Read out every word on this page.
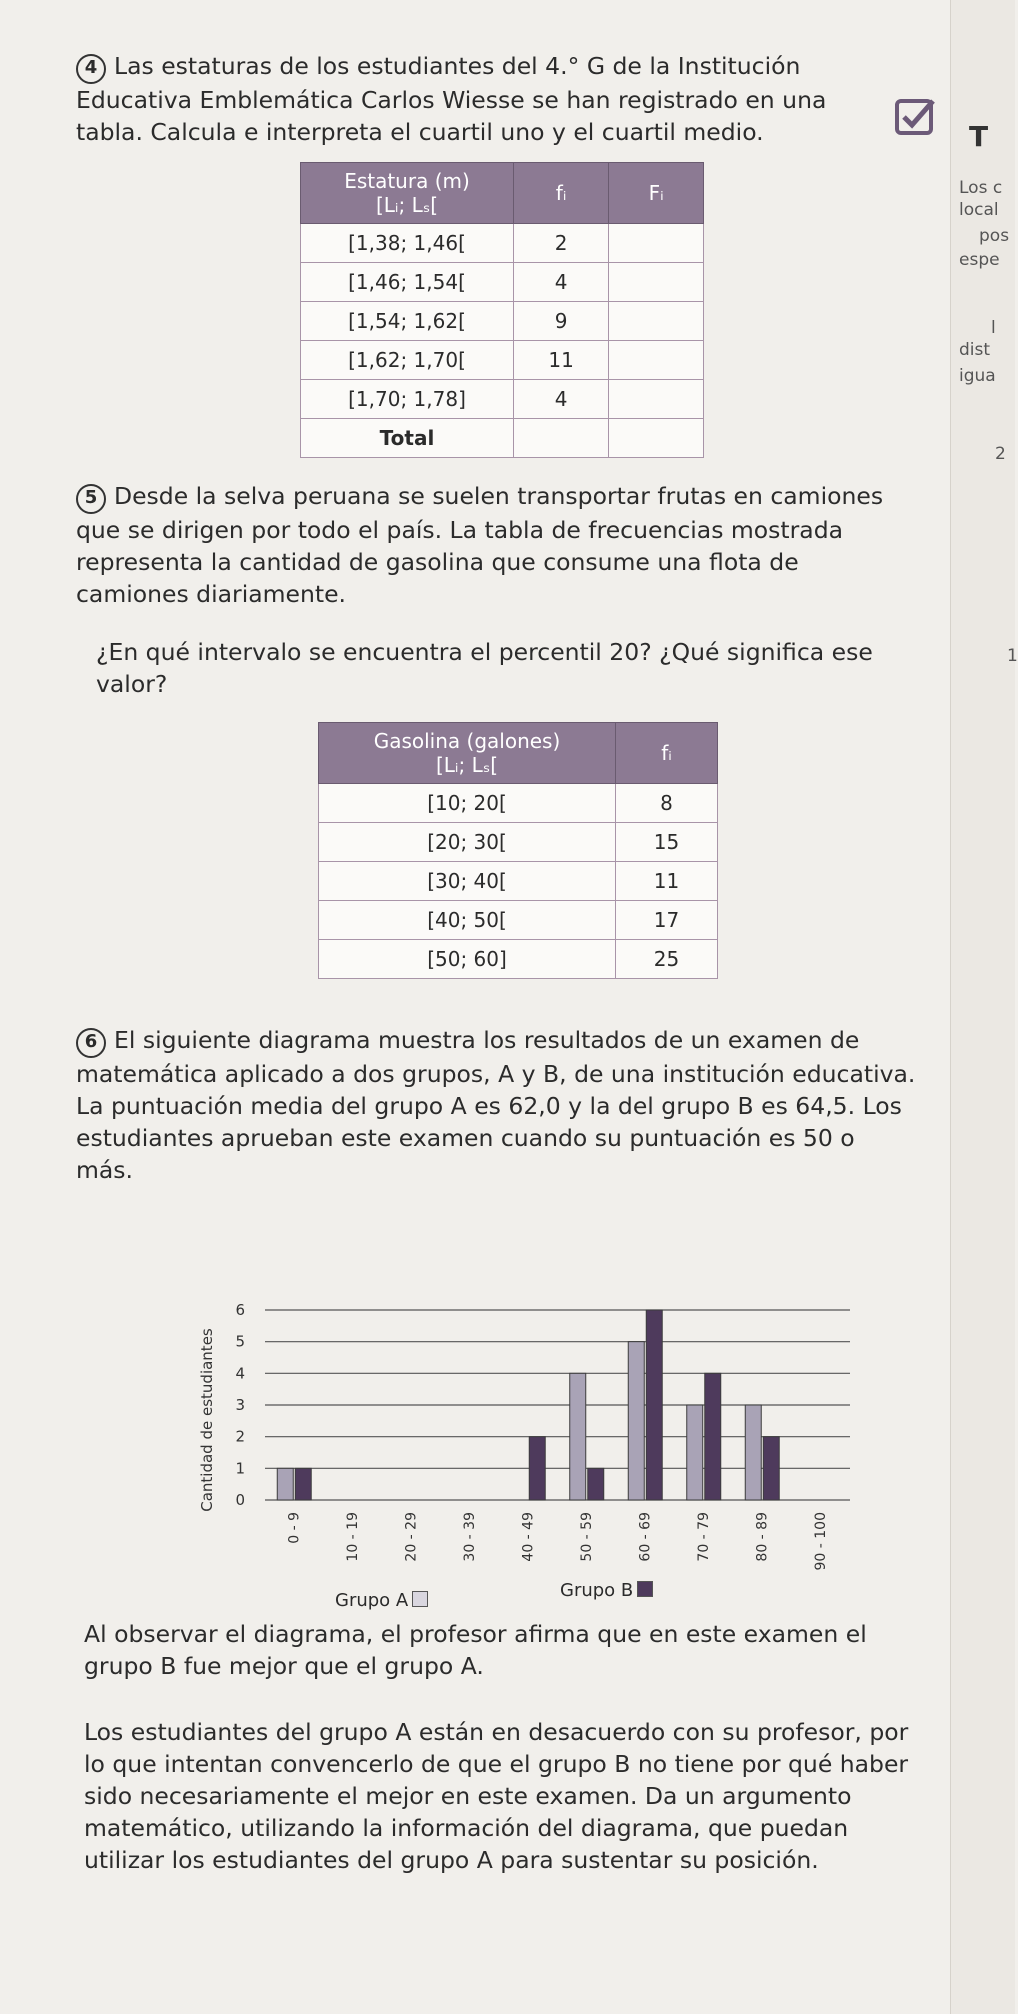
4 Las estaturas de los estudiantes del 4.° G de la Institución Educativa Emblemática Carlos Wiesse se han registrado en una tabla. Calcula e interpreta el cuartil uno y el cuartil medio.
Estatura (m)
[Lᵢ; Lₛ[	fᵢ	Fᵢ
[1,38; 1,46[	2	
[1,46; 1,54[	4	
[1,54; 1,62[	9	
[1,62; 1,70[	11	
[1,70; 1,78]	4	
Total		
5 Desde la selva peruana se suelen transportar frutas en camiones que se dirigen por todo el país. La tabla de frecuencias mostrada representa la cantidad de gasolina que consume una flota de camiones diariamente.
¿En qué intervalo se encuentra el percentil 20? ¿Qué significa ese valor?
Gasolina (galones)
[Lᵢ; Lₛ[	fᵢ
[10; 20[	8
[20; 30[	15
[30; 40[	11
[40; 50[	17
[50; 60]	25
6 El siguiente diagrama muestra los resultados de un examen de matemática aplicado a dos grupos, A y B, de una institución educativa. La puntuación media del grupo A es 62,0 y la del grupo B es 64,5. Los estudiantes aprueban este examen cuando su puntuación es 50 o más.
Cantidad de estudiantes 0
1
2
3
4
5
6
0 - 9	10 - 19	20 - 29	30 - 39	40 - 49	50 - 59	60 - 69	70 - 79	80 - 89	90 - 100
Grupo A	Grupo B
Al observar el diagrama, el profesor afirma que en este examen el grupo B fue mejor que el grupo A.
Los estudiantes del grupo A están en desacuerdo con su profesor, por lo que intentan convencerlo de que el grupo B no tiene por qué haber sido necesariamente el mejor en este examen. Da un argumento matemático, utilizando la información del diagrama, que puedan utilizar los estudiantes del grupo A para sustentar su posición.
T
Los c
local
pos
espe
l
dist
igua
2
1
